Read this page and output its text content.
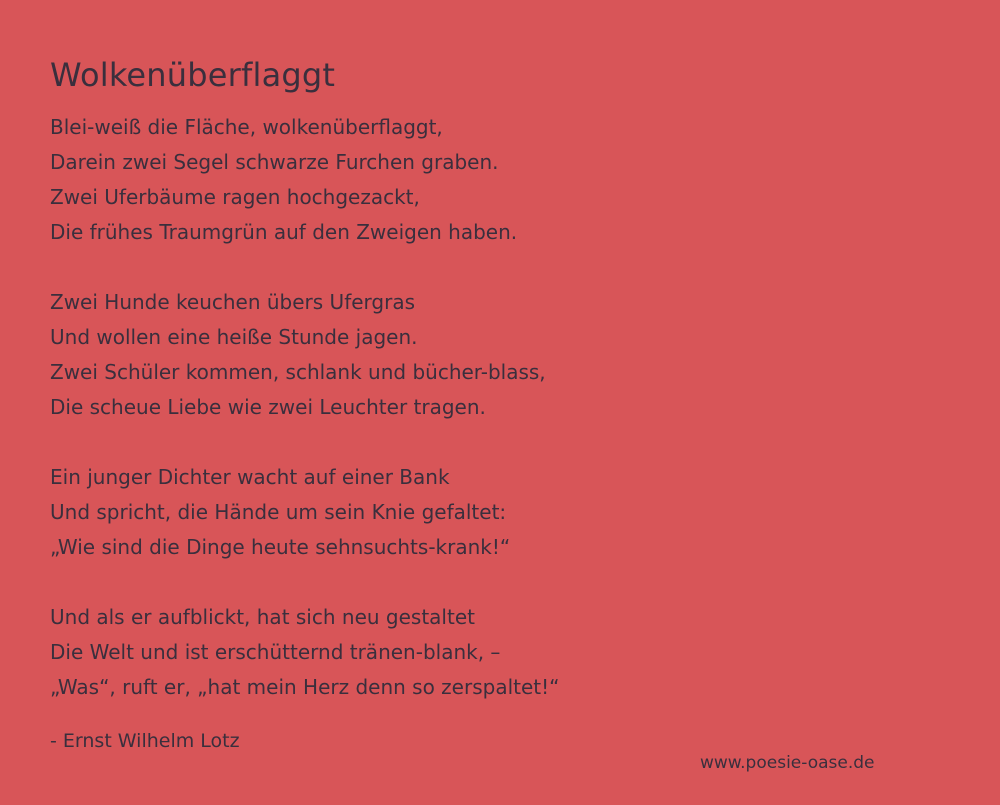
Wolkenüberflaggt
Blei-weiß die Fläche, wolkenüberflaggt,
Darein zwei Segel schwarze Furchen graben.
Zwei Uferbäume ragen hochgezackt,
Die frühes Traumgrün auf den Zweigen haben.
Zwei Hunde keuchen übers Ufergras
Und wollen eine heiße Stunde jagen.
Zwei Schüler kommen, schlank und bücher-blass,
Die scheue Liebe wie zwei Leuchter tragen.
Ein junger Dichter wacht auf einer Bank
Und spricht, die Hände um sein Knie gefaltet:
„Wie sind die Dinge heute sehnsuchts-krank!“
Und als er aufblickt, hat sich neu gestaltet
Die Welt und ist erschütternd tränen-blank, –
„Was“, ruft er, „hat mein Herz denn so zerspaltet!“
- Ernst Wilhelm Lotz
www.poesie-oase.de
